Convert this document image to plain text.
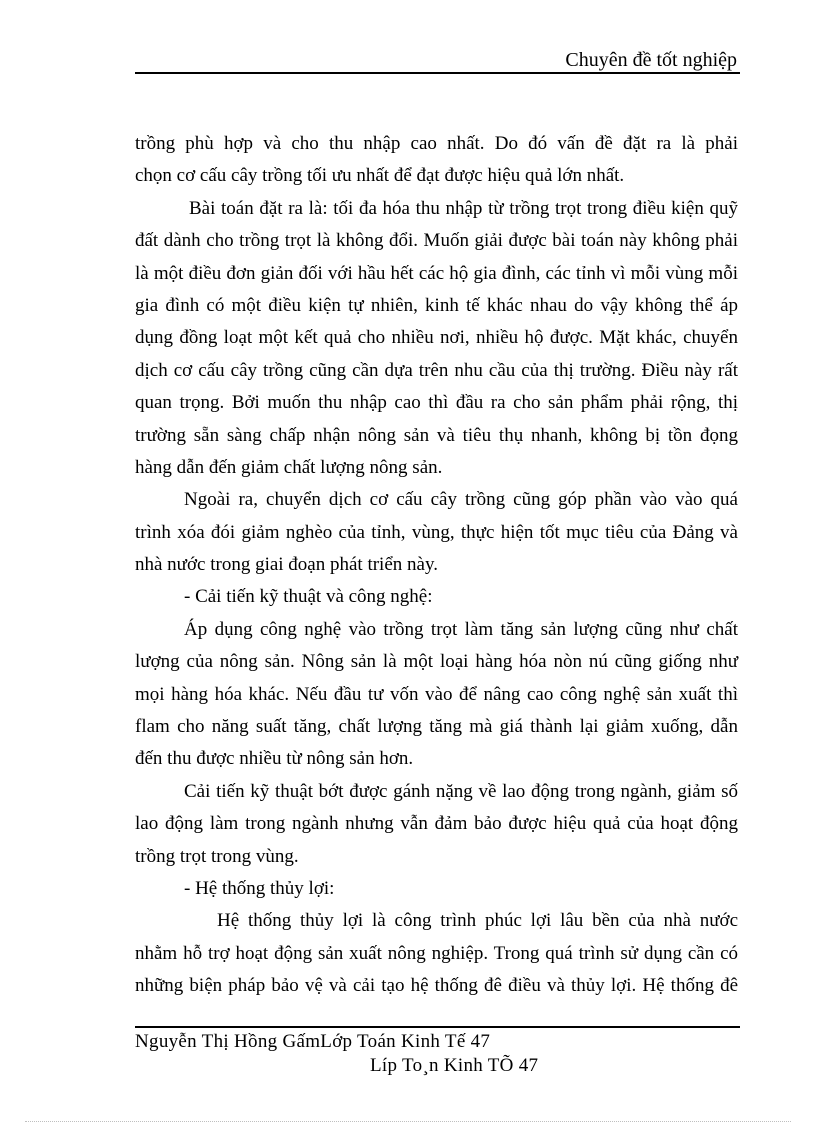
Chuyên đề tốt nghiệp
trồng phù hợp và cho thu nhập cao nhất. Do đó vấn đề đặt ra là phải
chọn cơ cấu cây trồng tối ưu nhất để đạt được hiệu quả lớn nhất.
Bài toán đặt ra là: tối đa hóa thu nhập từ trồng trọt trong điều kiện quỹ
đất dành cho trồng trọt là không đổi. Muốn giải được bài toán này không phải
là một điều đơn giản đối với hầu hết các hộ gia đình, các tỉnh vì mỗi vùng mỗi
gia đình có một điều kiện tự nhiên, kinh tế khác nhau do vậy không thể áp
dụng đồng loạt một kết quả cho nhiều nơi, nhiều hộ được. Mặt khác, chuyển
dịch cơ cấu cây trồng cũng cần dựa trên nhu cầu của thị trường. Điều này rất
quan trọng. Bởi muốn thu nhập cao thì đầu ra cho sản phẩm phải rộng, thị
trường sẵn sàng chấp nhận nông sản và tiêu thụ nhanh, không bị tồn đọng
hàng dẫn đến giảm chất lượng nông sản.
Ngoài ra, chuyển dịch cơ cấu cây trồng cũng góp phần vào vào quá
trình xóa đói giảm nghèo của tỉnh, vùng, thực hiện tốt mục tiêu của Đảng và
nhà nước trong giai đoạn phát triển này.
- Cải tiến kỹ thuật và công nghệ:
Áp dụng công nghệ vào trồng trọt làm tăng sản lượng cũng như chất
lượng của nông sản. Nông sản là một loại hàng hóa nòn nú cũng giống như
mọi hàng hóa khác. Nếu đầu tư vốn vào để nâng cao công nghệ sản xuất thì
flam cho năng suất tăng, chất lượng tăng mà giá thành lại giảm xuống, dẫn
đến thu được nhiều từ nông sản hơn.
Cải tiến kỹ thuật bớt được gánh nặng về lao động trong ngành, giảm số
lao động làm trong ngành nhưng vẫn đảm bảo được hiệu quả của hoạt động
trồng trọt trong vùng.
- Hệ thống thủy lợi:
Hệ thống thủy lợi là công trình phúc lợi lâu bền của nhà nước
nhằm hỗ trợ hoạt động sản xuất nông nghiệp. Trong quá trình sử dụng cần có
những biện pháp bảo vệ và cải tạo hệ thống đê điều và thủy lợi. Hệ thống đê
Nguyễn Thị Hồng GấmLớp Toán Kinh Tế 47
Líp To¸n Kinh TÕ 47
